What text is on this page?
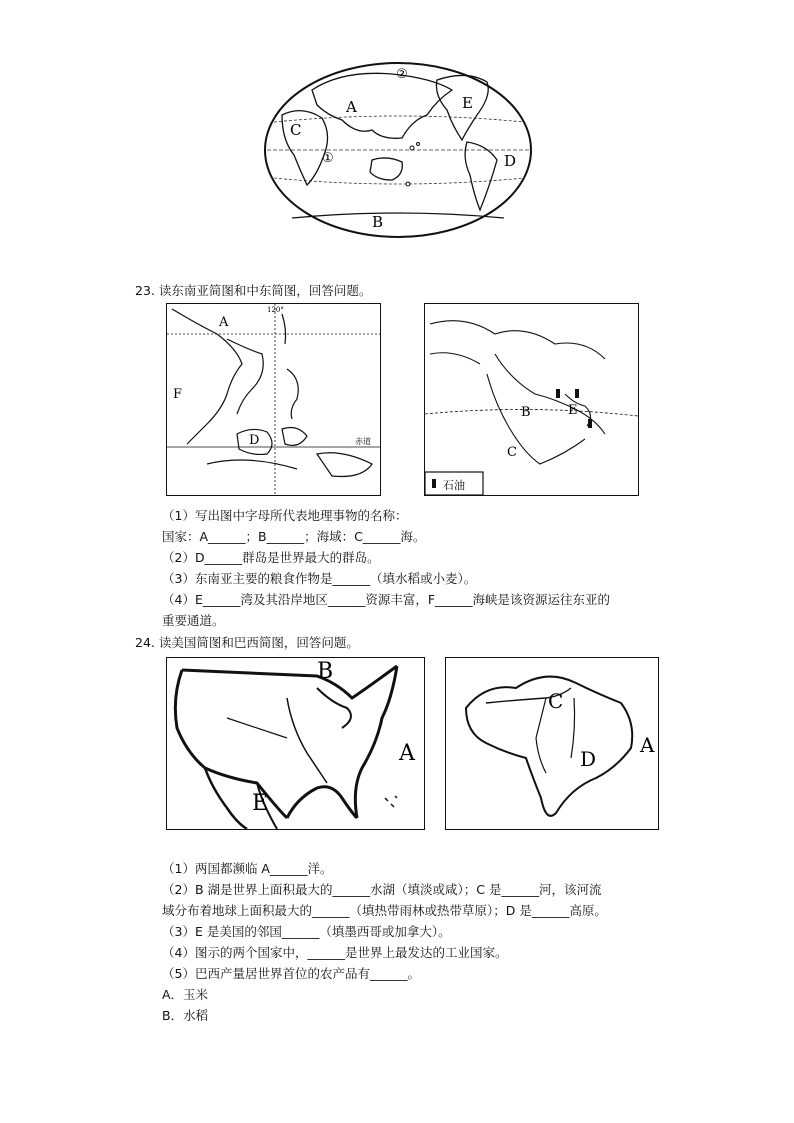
A
C
E
D
B
①
②
23. 读东南亚简图和中东简图，回答问题。
A
D
F
120°
赤道
B
C
E
石油

（1）写出图中字母所代表地理事物的名称：

国家：A______；B______；海域：C______海。

（2）D______群岛是世界最大的群岛。

（3）东南亚主要的粮食作物是______（填水稻或小麦）。

（4）E______湾及其沿岸地区______资源丰富，F______海峡是该资源运往东亚的

重要通道。

24. 读美国简图和巴西简图，回答问题。
B
A
E
C
D
A

（1）两国都濒临 A______洋。

（2）B 湖是世界上面积最大的______水湖（填淡或咸）；C 是______河，该河流

域分布着地球上面积最大的______（填热带雨林或热带草原）；D 是______高原。

（3）E 是美国的邻国______（填墨西哥或加拿大）。

（4）图示的两个国家中，______是世界上最发达的工业国家。

（5）巴西产量居世界首位的农产品有______。

A．玉米

B．水稻
